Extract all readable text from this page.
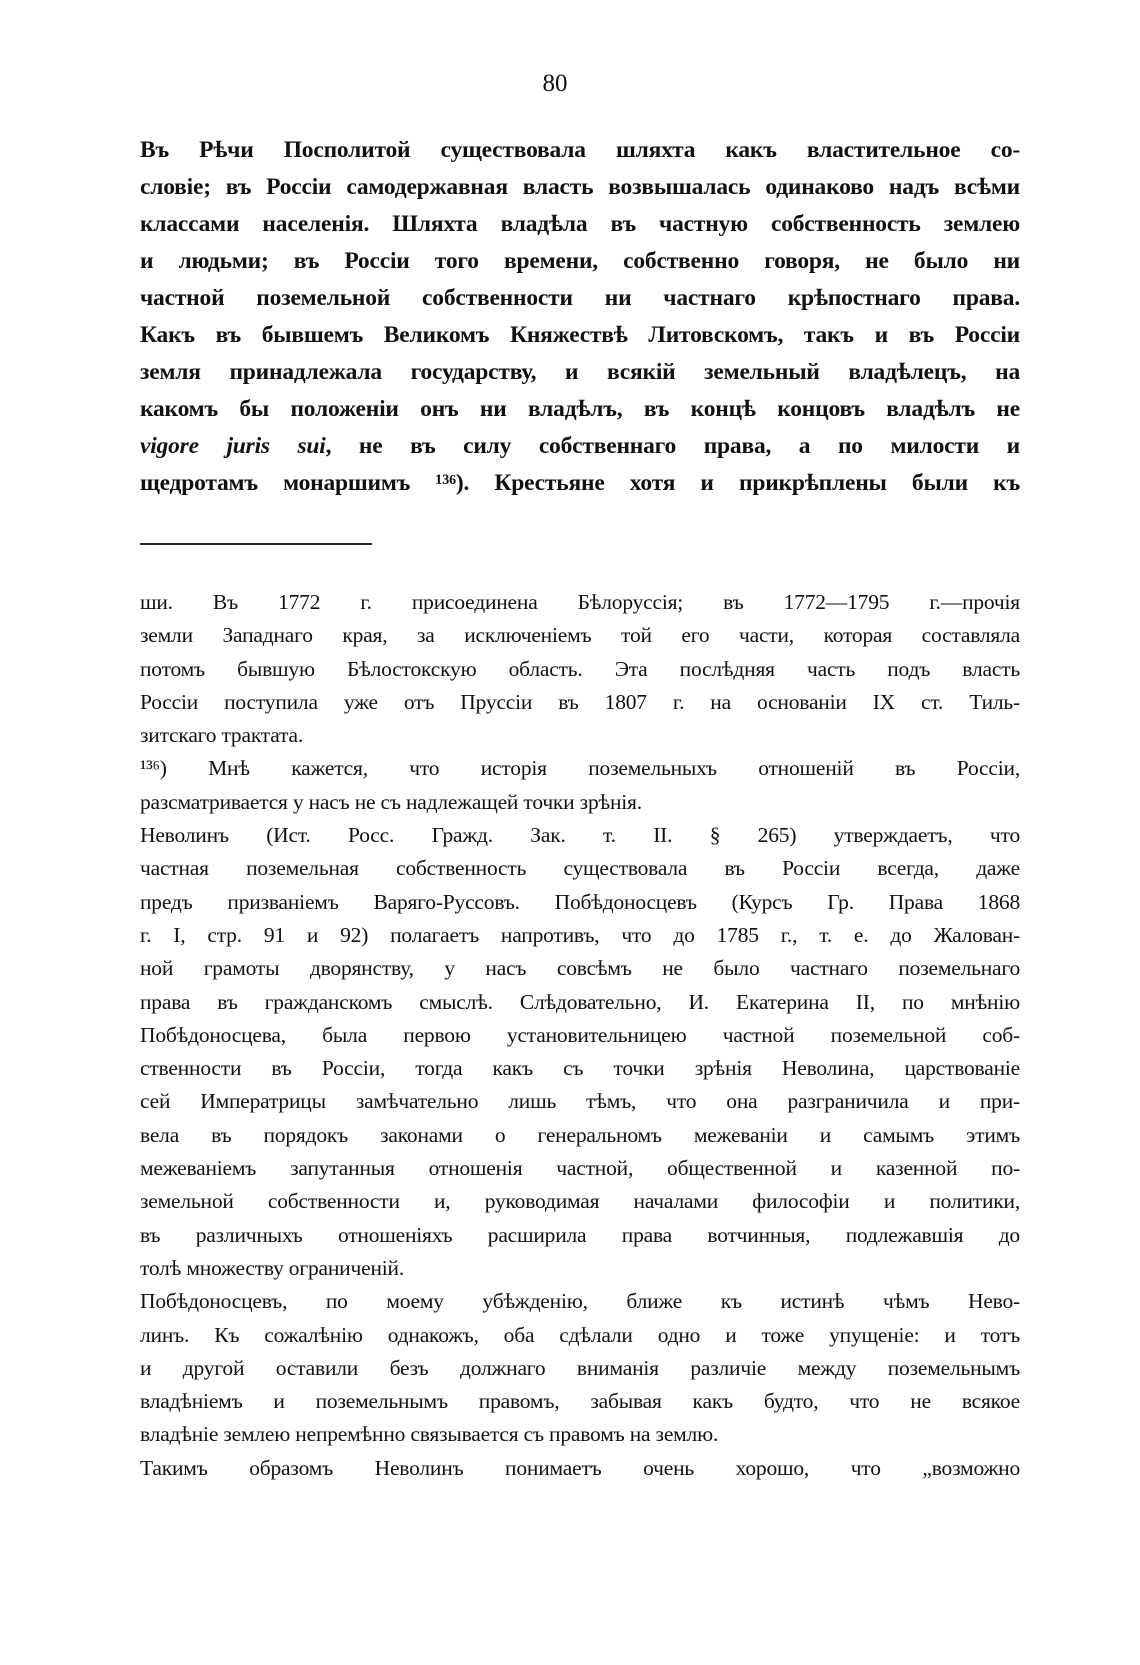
80
Въ Рѣчи Посполитой существовала шляхта какъ властительное со-
словіе; въ Россіи самодержавная власть возвышалась одинаково надъ всѣми
классами населенія. Шляхта владѣла въ частную собственность землею
и людьми; въ Россіи того времени, собственно говоря, не было ни
частной поземельной собственности ни частнаго крѣпостнаго права.
Какъ въ бывшемъ Великомъ Княжествѣ Литовскомъ, такъ и въ Россіи
земля принадлежала государству, и всякій земельный владѣлецъ, на
какомъ бы положеніи онъ ни владѣлъ, въ концѣ концовъ владѣлъ не
vigore juris sui, не въ силу собственнаго права, а по милости и
щедротамъ монаршимъ ¹³⁶). Крестьяне хотя и прикрѣплены были къ
ши. Въ 1772 г. присоединена Бѣлоруссія; въ 1772—1795 г.—прочія
земли Западнаго края, за исключеніемъ той его части, которая составляла
потомъ бывшую Бѣлостокскую область. Эта послѣдняя часть подъ власть
Россіи поступила уже отъ Пруссіи въ 1807 г. на основаніи IX ст. Тиль-
зитскаго трактата.
¹³⁶) Мнѣ кажется, что исторія поземельныхъ отношеній въ Россіи,
разсматривается у насъ не съ надлежащей точки зрѣнія.
Неволинъ (Ист. Росс. Гражд. Зак. т. II. § 265) утверждаетъ, что
частная поземельная собственность существовала въ Россіи всегда, даже
предъ призваніемъ Варяго-Руссовъ. Побѣдоносцевъ (Курсъ Гр. Права 1868
г. I, стр. 91 и 92) полагаетъ напротивъ, что до 1785 г., т. е. до Жалован-
ной грамоты дворянству, у насъ совсѣмъ не было частнаго поземельнаго
права въ гражданскомъ смыслѣ. Слѣдовательно, И. Екатерина II, по мнѣнію
Побѣдоносцева, была первою установительницею частной поземельной соб-
ственности въ Россіи, тогда какъ съ точки зрѣнія Неволина, царствованіе
сей Императрицы замѣчательно лишь тѣмъ, что она разграничила и при-
вела въ порядокъ законами о генеральномъ межеваніи и самымъ этимъ
межеваніемъ запутанныя отношенія частной, общественной и казенной по-
земельной собственности и, руководимая началами философіи и политики,
въ различныхъ отношеніяхъ расширила права вотчинныя, подлежавшія до
толѣ множеству ограниченій.
Побѣдоносцевъ, по моему убѣжденію, ближе къ истинѣ чѣмъ Нево-
линъ. Къ сожалѣнію однакожъ, оба сдѣлали одно и тоже упущеніе: и тотъ
и другой оставили безъ должнаго вниманія различіе между поземельнымъ
владѣніемъ и поземельнымъ правомъ, забывая какъ будто, что не всякое
владѣніе землею непремѣнно связывается съ правомъ на землю.
Такимъ образомъ Неволинъ понимаетъ очень хорошо, что „возможно
